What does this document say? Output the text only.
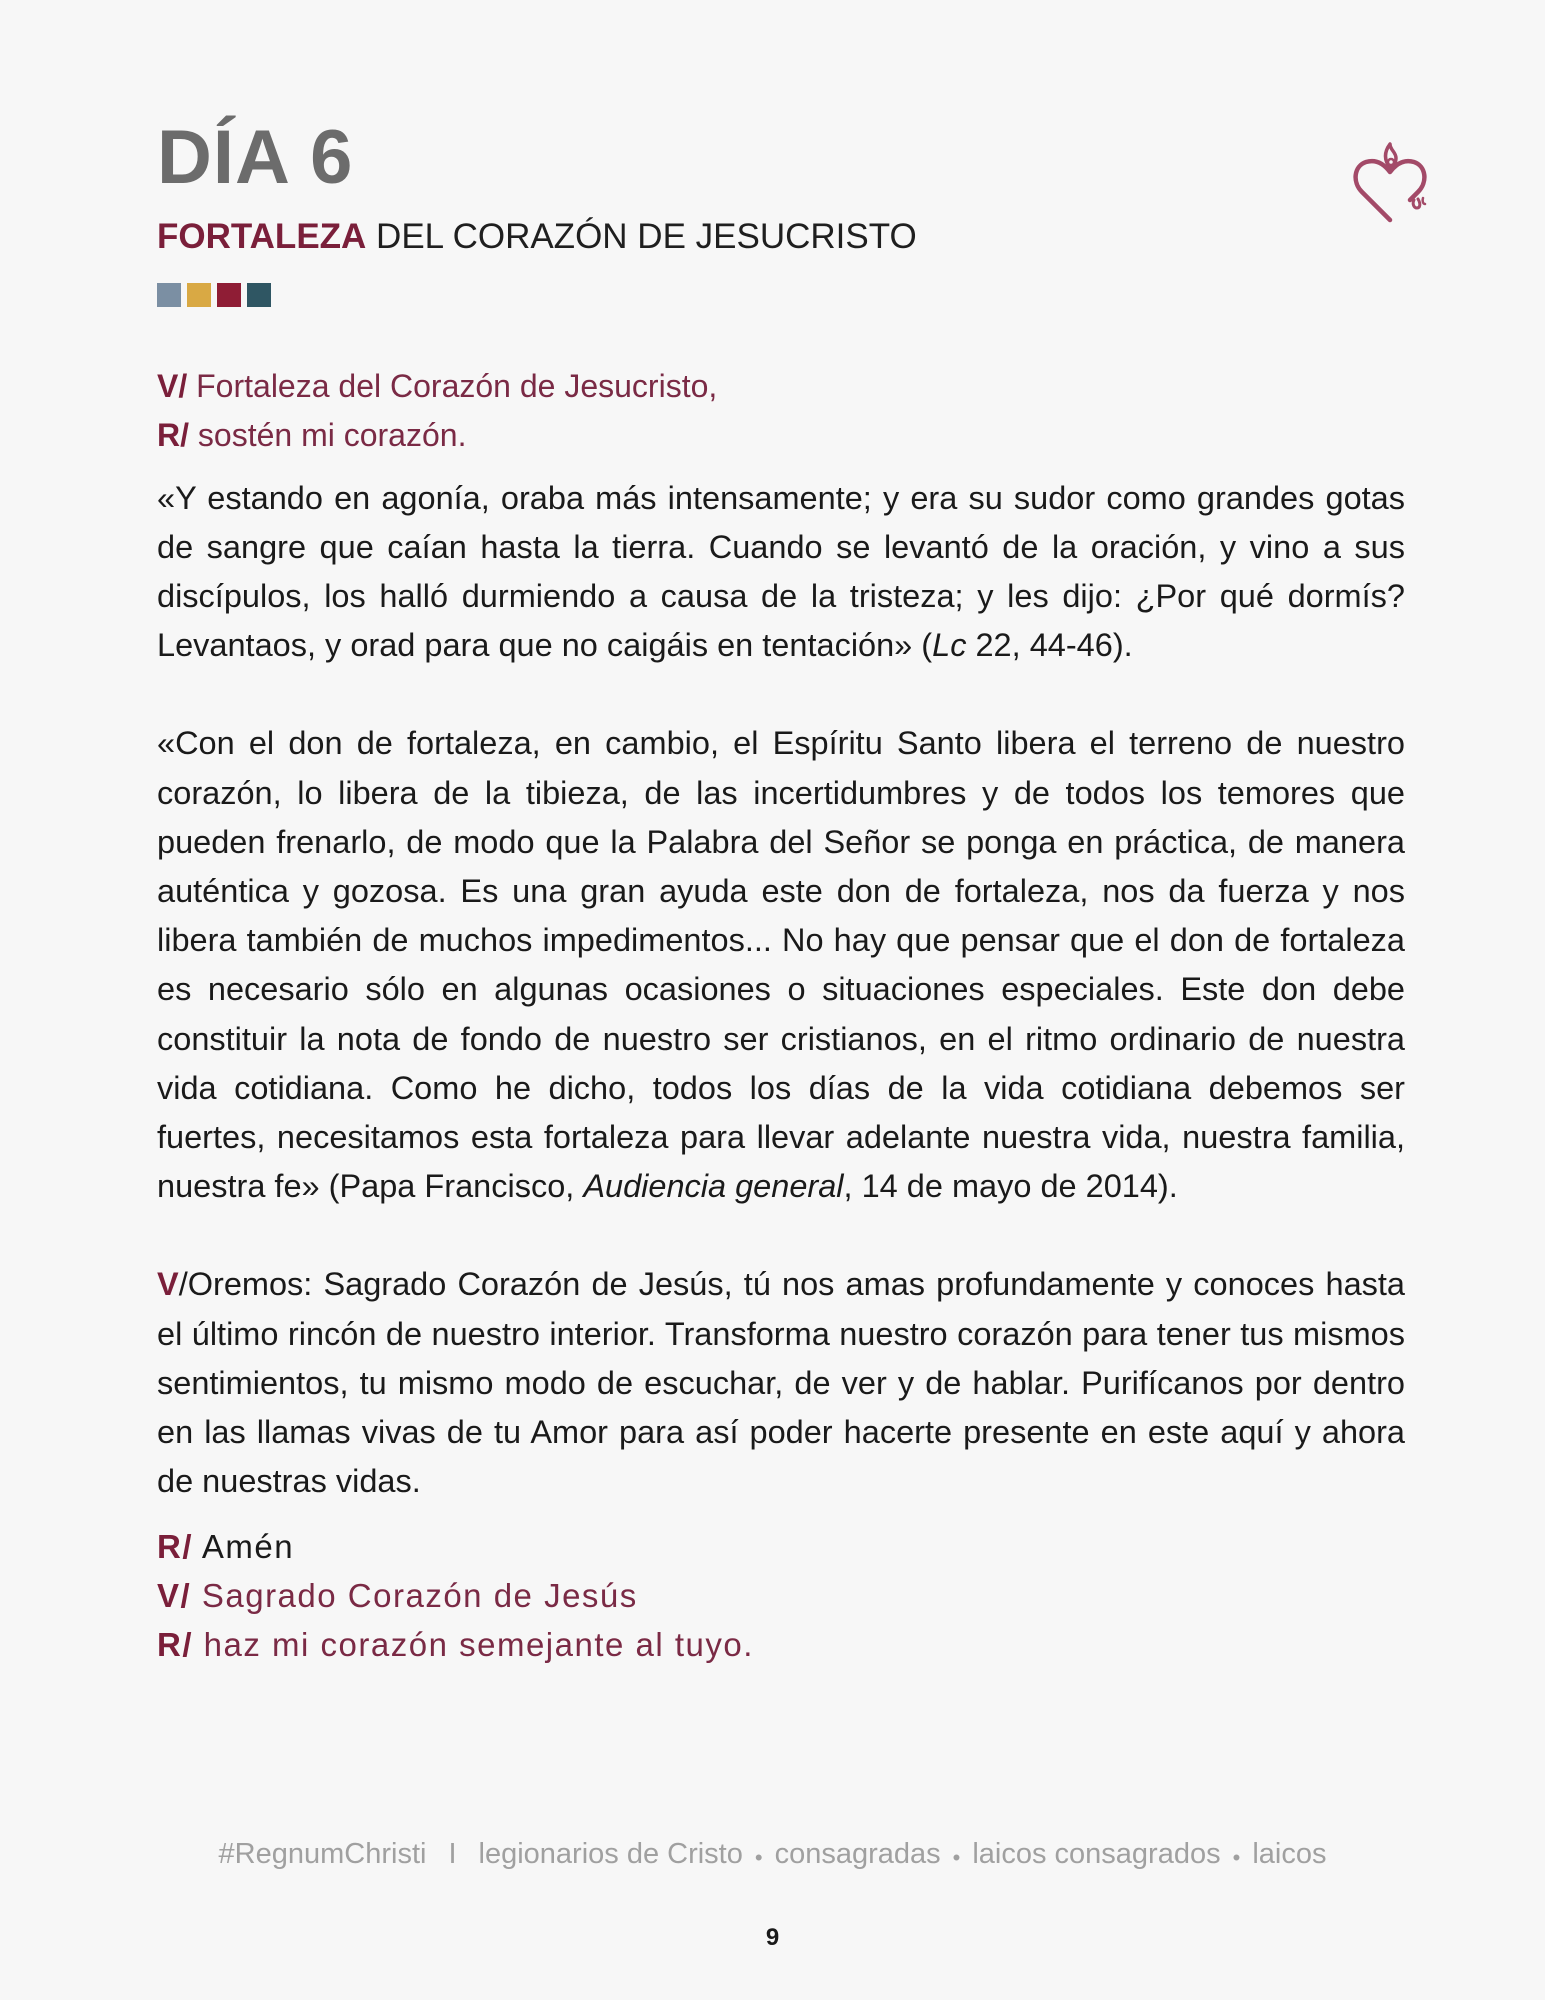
DÍA 6
FORTALEZA DEL CORAZÓN DE JESUCRISTO
V/ Fortaleza del Corazón de Jesucristo,
R/ sostén mi corazón.

«Y estando en agonía, oraba más intensamente; y era su sudor como grandes gotas de sangre que caían hasta la tierra. Cuando se levantó de la oración, y vino a sus discípulos, los halló durmiendo a causa de la tristeza; y les dijo: ¿Por qué dormís? Levantaos, y orad para que no caigáis en tentación» (Lc 22, 44-46).

«Con el don de fortaleza, en cambio, el Espíritu Santo libera el terreno de nuestro corazón, lo libera de la tibieza, de las incertidumbres y de todos los temores que pueden frenarlo, de modo que la Palabra del Señor se ponga en práctica, de manera auténtica y gozosa. Es una gran ayuda este don de fortaleza, nos da fuerza y nos libera también de muchos impedimentos... No hay que pensar que el don de fortaleza es necesario sólo en algunas ocasiones o situaciones especiales. Este don debe constituir la nota de fondo de nuestro ser cristianos, en el ritmo ordinario de nuestra vida cotidiana. Como he dicho, todos los días de la vida cotidiana debemos ser fuertes, necesitamos esta fortaleza para llevar adelante nuestra vida, nuestra familia, nuestra fe» (Papa Francisco, Audiencia general, 14 de mayo de 2014).

V/Oremos: Sagrado Corazón de Jesús, tú nos amas profundamente y conoces hasta el último rincón de nuestro interior. Transforma nuestro corazón para tener tus mismos sentimientos, tu mismo modo de escuchar, de ver y de hablar. Purifícanos por dentro en las llamas vivas de tu Amor para así poder hacerte presente en este aquí y ahora de nuestras vidas.

R/ Amén
V/ Sagrado Corazón de Jesús
R/ haz mi corazón semejante al tuyo.
#RegnumChristi I legionarios de Cristo • consagradas • laicos consagrados • laicos
9
